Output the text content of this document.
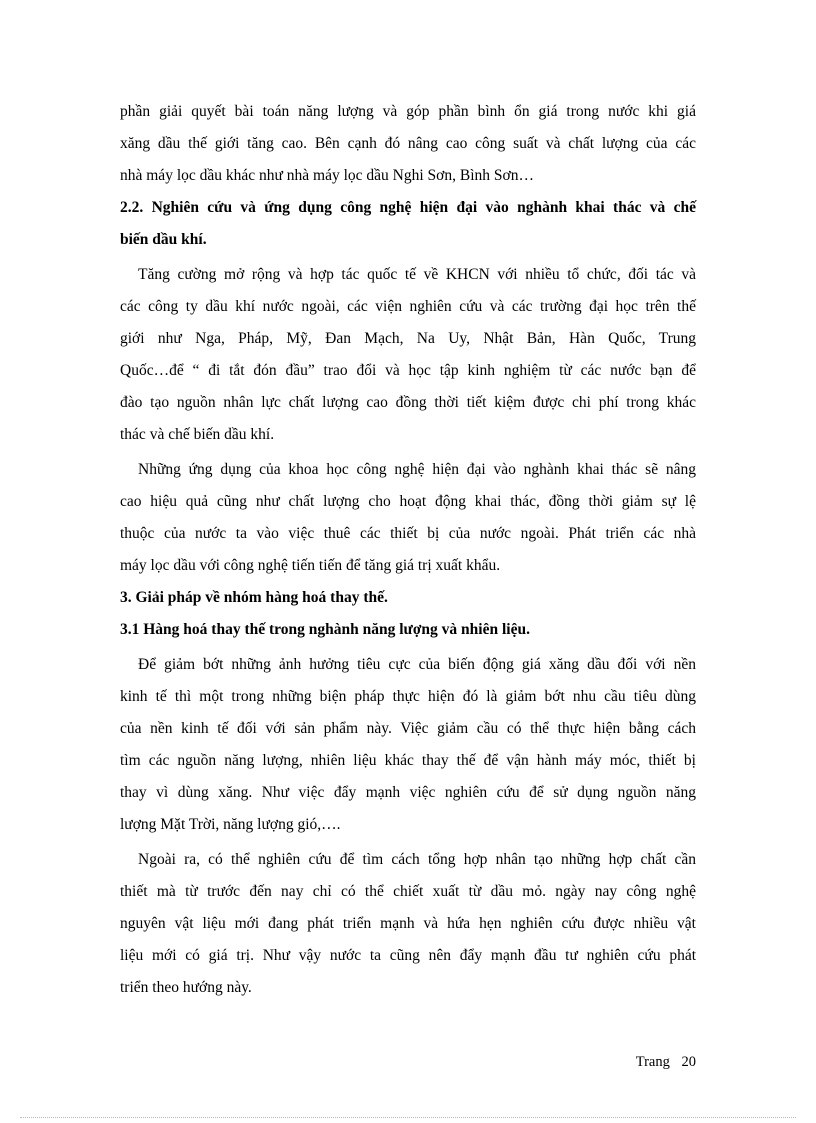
phần giải quyết bài toán năng lượng và góp phần bình ổn giá trong nước khi giá
xăng dầu thế giới tăng cao. Bên cạnh đó nâng cao công suất và chất lượng của các
nhà máy lọc dầu khác như nhà máy lọc dầu Nghi Sơn, Bình Sơn…
2.2. Nghiên cứu và ứng dụng công nghệ hiện đại vào nghành khai thác và chế
biến dầu khí.
Tăng cường mở rộng và hợp tác quốc tế về KHCN với nhiều tổ chức, đối tác và
các công ty dầu khí nước ngoài, các viện nghiên cứu và các trường đại học trên thế
giới như Nga, Pháp, Mỹ, Đan Mạch, Na Uy, Nhật Bản, Hàn Quốc, Trung
Quốc…để “ đi tắt đón đầu” trao đổi và học tập kinh nghiệm từ các nước bạn để
đào tạo nguồn nhân lực chất lượng cao đồng thời tiết kiệm được chi phí trong khác
thác và chế biến dầu khí.
Những ứng dụng của khoa học công nghệ hiện đại vào nghành khai thác sẽ nâng
cao hiệu quả cũng như chất lượng cho hoạt động khai thác, đồng thời giảm sự lệ
thuộc của nước ta vào việc thuê các thiết bị của nước ngoài. Phát triển các nhà
máy lọc dầu với công nghệ tiến tiến để tăng giá trị xuất khẩu.
3. Giải pháp về nhóm hàng hoá thay thế.
3.1 Hàng hoá thay thế trong nghành năng lượng và nhiên liệu.
Để giảm bớt những ảnh hưởng tiêu cực của biến động giá xăng dầu đối với nền
kinh tế thì một trong những biện pháp thực hiện đó là giảm bớt nhu cầu tiêu dùng
của nền kinh tế đối với sản phẩm này. Việc giảm cầu có thể thực hiện bằng cách
tìm các nguồn năng lượng, nhiên liệu khác thay thế để vận hành máy móc, thiết bị
thay vì dùng xăng. Như việc đẩy mạnh việc nghiên cứu để sử dụng nguồn năng
lượng Mặt Trời, năng lượng gió,….
Ngoài ra, có thể nghiên cứu để tìm cách tổng hợp nhân tạo những hợp chất cần
thiết mà từ trước đến nay chỉ có thể chiết xuất từ dầu mỏ. ngày nay công nghệ
nguyên vật liệu mới đang phát triển mạnh và hứa hẹn nghiên cứu được nhiều vật
liệu mới có giá trị. Như vậy nước ta cũng nên đẩy mạnh đầu tư nghiên cứu phát
triển theo hướng này.
Trang 20
